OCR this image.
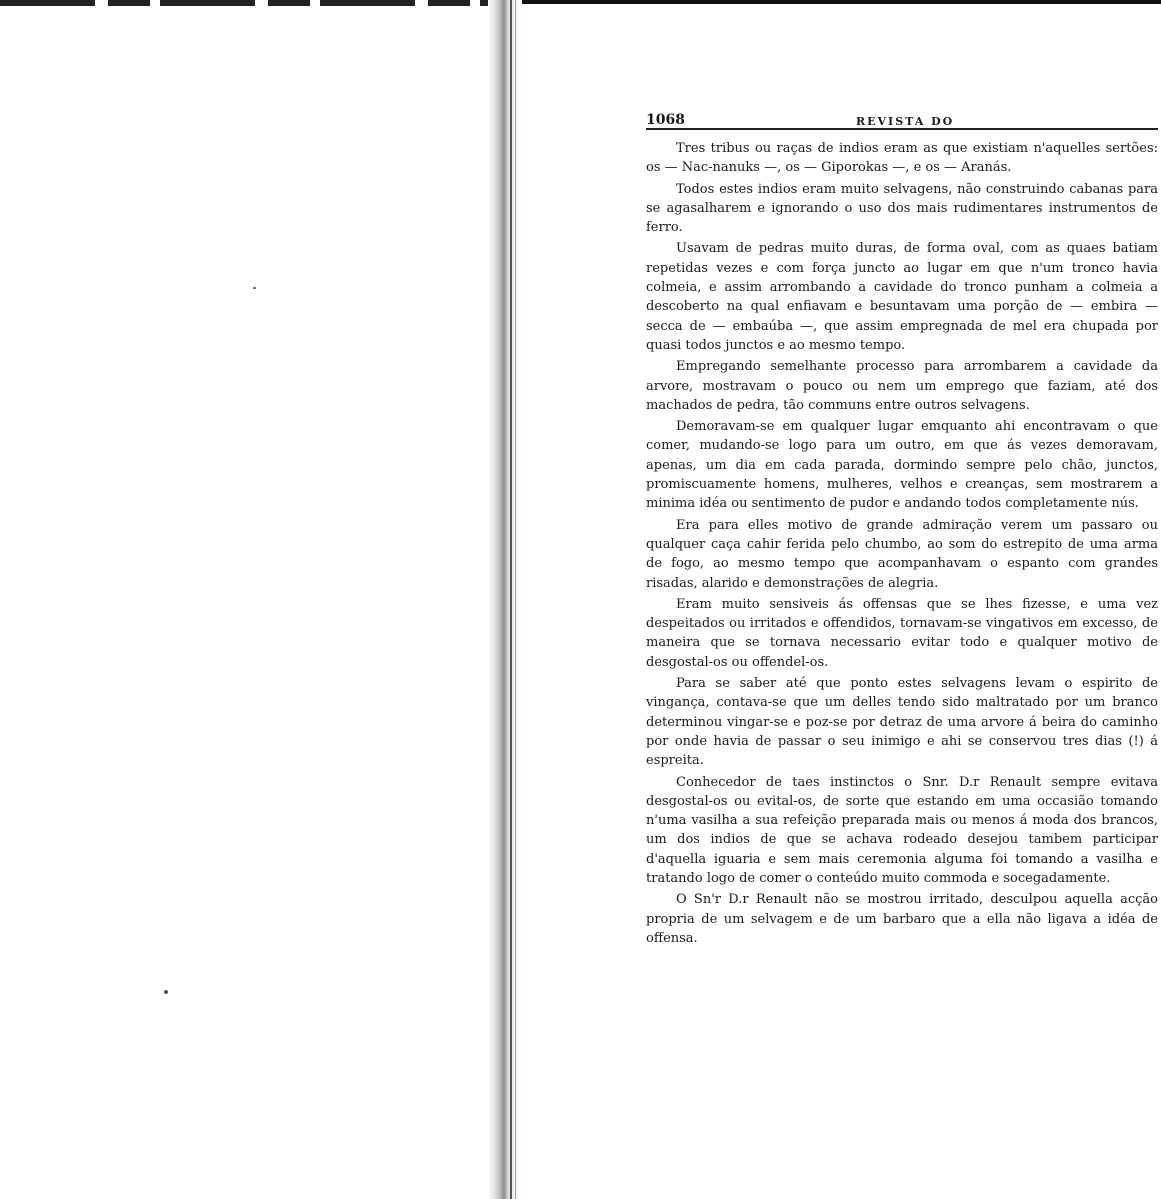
1068	REVISTA DO

Tres tribus ou raças de indios eram as que existiam n'aquelles sertões: os — Nac-nanuks —, os — Giporokas —, e os — Aranás.

Todos estes indios eram muito selvagens, não construindo cabanas para se agasalharem e ignorando o uso dos mais rudimentares instrumentos de ferro.

Usavam de pedras muito duras, de forma oval, com as quaes batiam repetidas vezes e com força juncto ao lugar em que n'um tronco havia colmeia, e assim arrombando a cavidade do tronco punham a colmeia a descoberto na qual enfiavam e besuntavam uma porção de — embira — secca de — embaúba —, que assim empregnada de mel era chupada por quasi todos junctos e ao mesmo tempo.

Empregando semelhante processo para arrombarem a cavidade da arvore, mostravam o pouco ou nem um emprego que faziam, até dos machados de pedra, tão communs entre outros selvagens.

Demoravam-se em qualquer lugar emquanto ahi encontravam o que comer, mudando-se logo para um outro, em que ás vezes demoravam, apenas, um dia em cada parada, dormindo sempre pelo chão, junctos, promiscuamente homens, mulheres, velhos e creanças, sem mostrarem a minima idéa ou sentimento de pudor e andando todos completamente nús.

Era para elles motivo de grande admiração verem um passaro ou qualquer caça cahir ferida pelo chumbo, ao som do estrepito de uma arma de fogo, ao mesmo tempo que acompanhavam o espanto com grandes risadas, alarido e demonstrações de alegria.

Eram muito sensiveis ás offensas que se lhes fizesse, e uma vez despeitados ou irritados e offendidos, tornavam-se vingativos em excesso, de maneira que se tornava necessario evitar todo e qualquer motivo de desgostal-os ou offendel-os.

Para se saber até que ponto estes selvagens levam o espirito de vingança, contava-se que um delles tendo sido maltratado por um branco determinou vingar-se e poz-se por detraz de uma arvore á beira do caminho por onde havia de passar o seu inimigo e ahi se conservou tres dias (!) á espreita.

Conhecedor de taes instinctos o Snr. D.r Renault sempre evitava desgostal-os ou evital-os, de sorte que estando em uma occasião tomando n'uma vasilha a sua refeição preparada mais ou menos á moda dos brancos, um dos indios de que se achava rodeado desejou tambem participar d'aquella iguaria e sem mais ceremonia alguma foi tomando a vasilha e tratando logo de comer o conteúdo muito commoda e socegadamente.

O Sn'r D.r Renault não se mostrou irritado, desculpou aquella acção propria de um selvagem e de um barbaro que a ella não ligava a idéa de offensa.
